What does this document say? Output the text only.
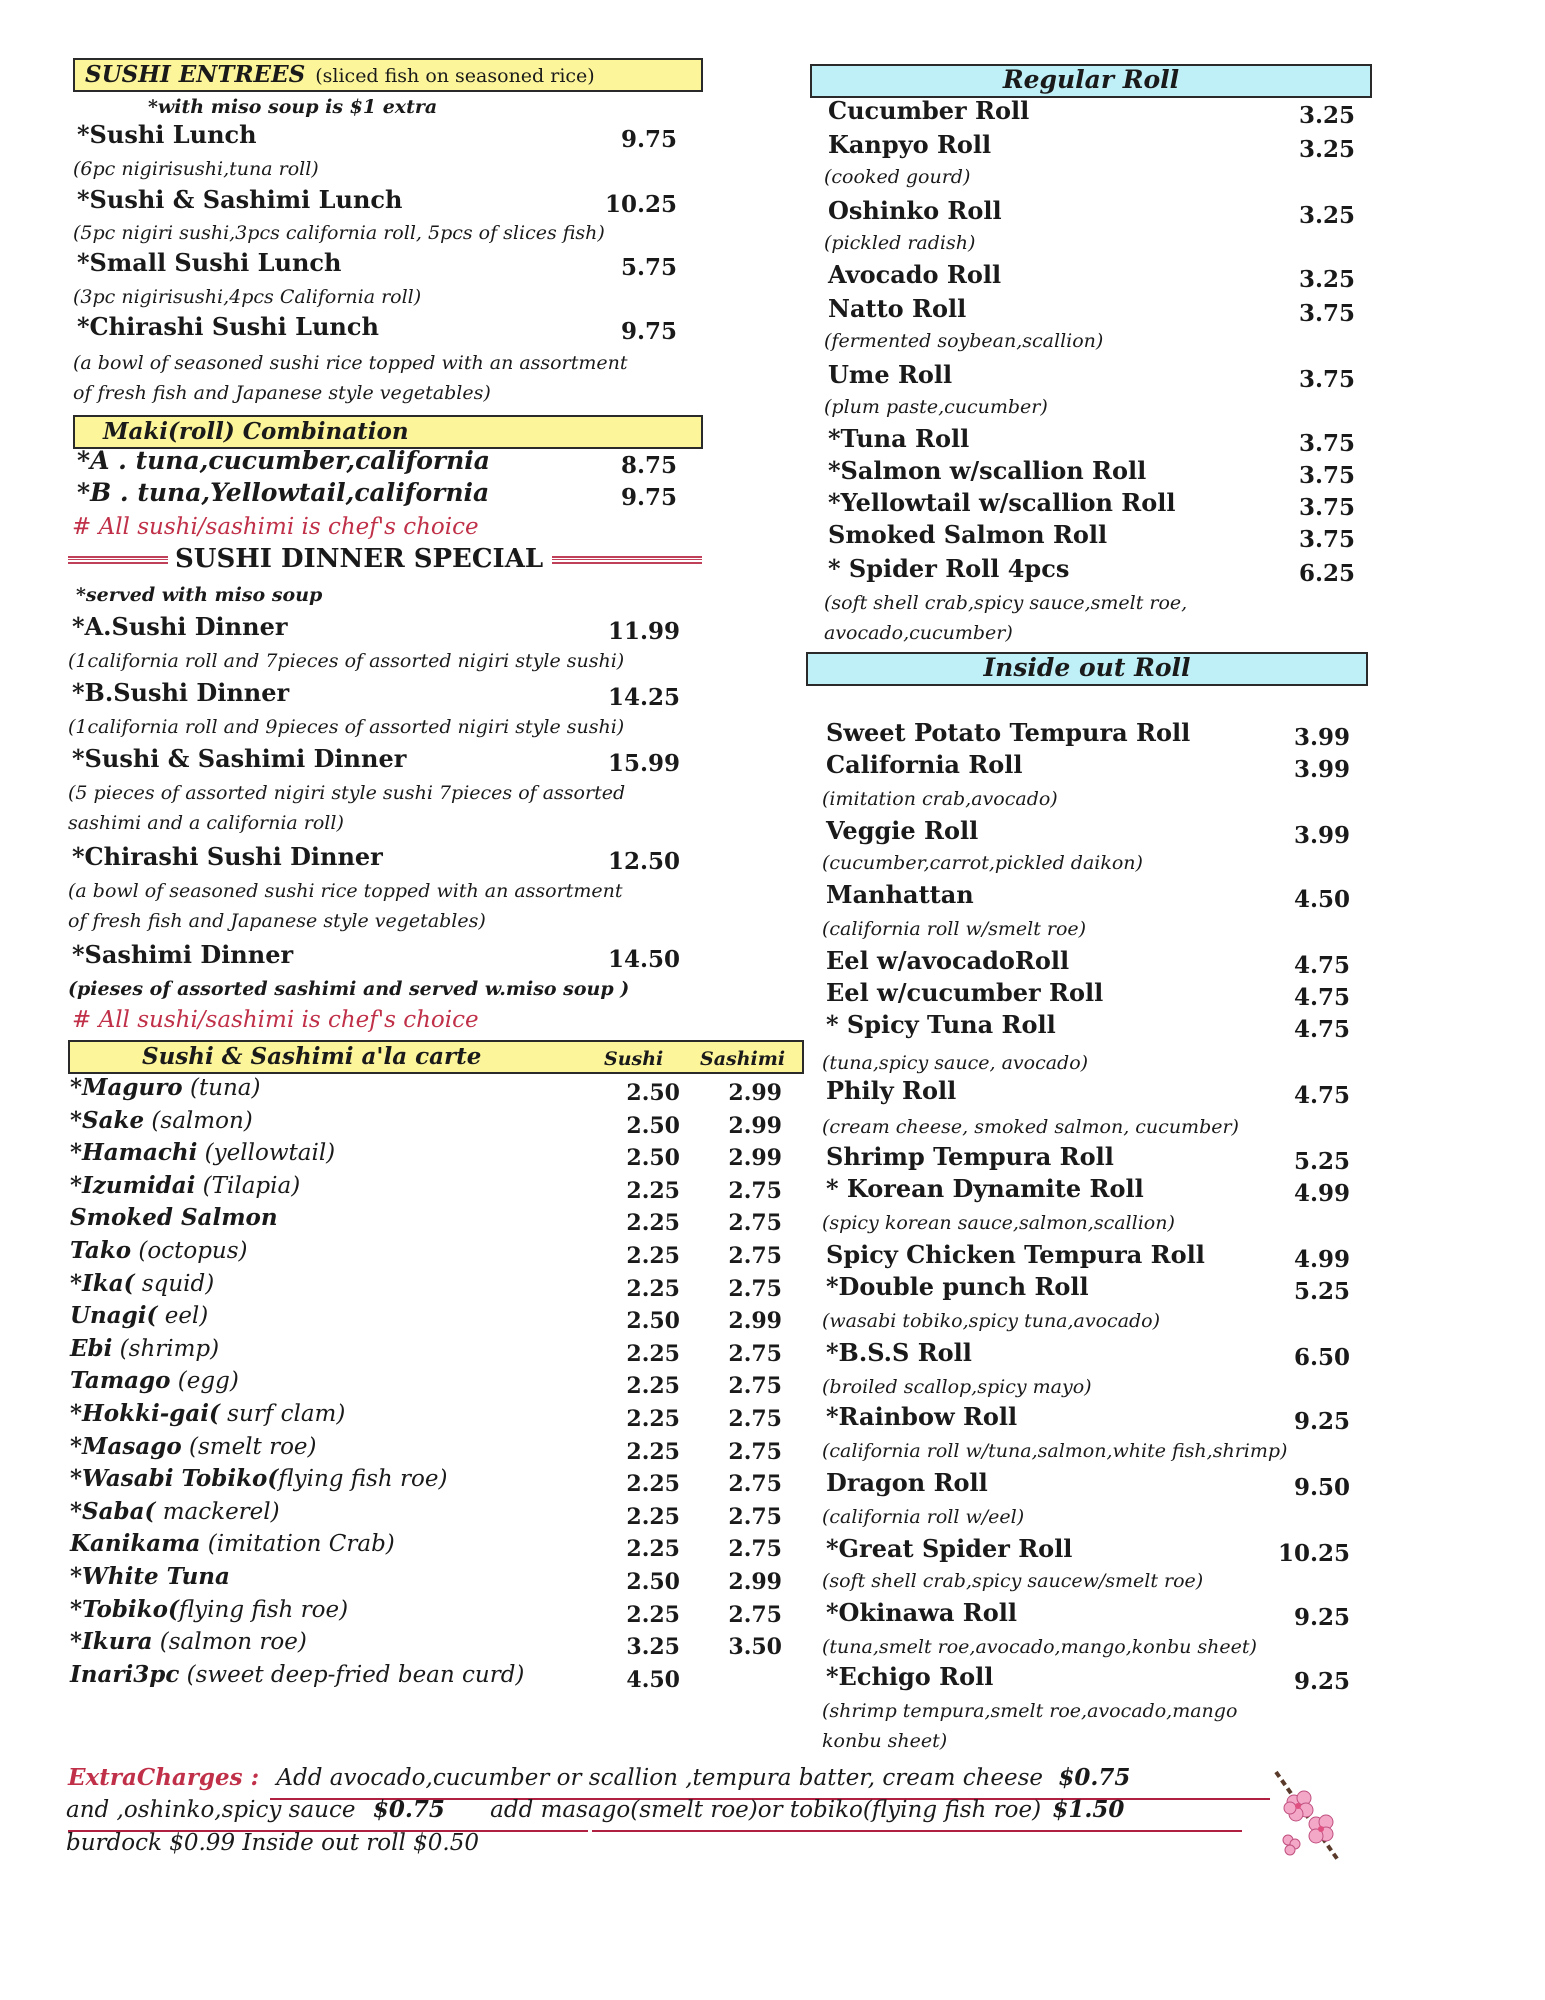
SUSHI ENTREES (sliced fish on seasoned rice)
*with miso soup is $1 extra
*Sushi Lunch	9.75
(6pc nigirisushi,tuna roll)
*Sushi & Sashimi Lunch	10.25
(5pc nigiri sushi,3pcs california roll, 5pcs of slices fish)
*Small Sushi Lunch	5.75
(3pc nigirisushi,4pcs California roll)
*Chirashi Sushi Lunch	9.75
(a bowl of seasoned sushi rice topped with an assortment
of fresh fish and Japanese style vegetables)
Maki(roll) Combination
*A . tuna,cucumber,california	8.75
*B . tuna,Yellowtail,california	9.75
# All sushi/sashimi is chef's choice
SUSHI DINNER SPECIAL
*served with miso soup
*A.Sushi Dinner	11.99
(1california roll and 7pieces of assorted nigiri style sushi)
*B.Sushi Dinner	14.25
(1california roll and 9pieces of assorted nigiri style sushi)
*Sushi & Sashimi Dinner	15.99
(5 pieces of assorted nigiri style sushi 7pieces of assorted
sashimi and a california roll)
*Chirashi Sushi Dinner	12.50
(a bowl of seasoned sushi rice topped with an assortment
of fresh fish and Japanese style vegetables)
*Sashimi Dinner	14.50
(pieses of assorted sashimi and served w.miso soup )
# All sushi/sashimi is chef's choice
Sushi & Sashimi a'la carte	Sushi Sashimi
*Maguro (tuna)	2.50	2.99
*Sake (salmon)	2.50	2.99
*Hamachi (yellowtail)	2.50	2.99
*Izumidai (Tilapia)	2.25	2.75
Smoked Salmon	2.25	2.75
Tako (octopus)	2.25	2.75
*Ika( squid)	2.25	2.75
Unagi( eel)	2.50	2.99
Ebi (shrimp)	2.25	2.75
Tamago (egg)	2.25	2.75
*Hokki-gai( surf clam)	2.25	2.75
*Masago (smelt roe)	2.25	2.75
*Wasabi Tobiko(flying fish roe)	2.25	2.75
*Saba( mackerel)	2.25	2.75
Kanikama (imitation Crab)	2.25	2.75
*White Tuna	2.50	2.99
*Tobiko(flying fish roe)	2.25	2.75
*Ikura (salmon roe)	3.25	3.50
Inari3pc (sweet deep-fried bean curd)	4.50
Regular Roll
Cucumber Roll	3.25
Kanpyo Roll	3.25
(cooked gourd)
Oshinko Roll	3.25
(pickled radish)
Avocado Roll	3.25
Natto Roll	3.75
(fermented soybean,scallion)
Ume Roll	3.75
(plum paste,cucumber)
*Tuna Roll	3.75
*Salmon w/scallion Roll	3.75
*Yellowtail w/scallion Roll	3.75
Smoked Salmon Roll	3.75
* Spider Roll 4pcs	6.25
(soft shell crab,spicy sauce,smelt roe,
avocado,cucumber)
Inside out Roll
Sweet Potato Tempura Roll	3.99
California Roll	3.99
(imitation crab,avocado)
Veggie Roll	3.99
(cucumber,carrot,pickled daikon)
Manhattan	4.50
(california roll w/smelt roe)
Eel w/avocadoRoll	4.75
Eel w/cucumber Roll	4.75
* Spicy Tuna Roll	4.75
(tuna,spicy sauce, avocado)
Phily Roll	4.75
(cream cheese, smoked salmon, cucumber)
Shrimp Tempura Roll	5.25
* Korean Dynamite Roll	4.99
(spicy korean sauce,salmon,scallion)
Spicy Chicken Tempura Roll	4.99
*Double punch Roll	5.25
(wasabi tobiko,spicy tuna,avocado)
*B.S.S Roll	6.50
(broiled scallop,spicy mayo)
*Rainbow Roll	9.25
(california roll w/tuna,salmon,white fish,shrimp)
Dragon Roll	9.50
(california roll w/eel)
*Great Spider Roll	10.25
(soft shell crab,spicy saucew/smelt roe)
*Okinawa Roll	9.25
(tuna,smelt roe,avocado,mango,konbu sheet)
*Echigo Roll	9.25
(shrimp tempura,smelt roe,avocado,mango
konbu sheet)
ExtraCharges : Add avocado,cucumber or scallion ,tempura batter, cream cheese $0.75
and ,oshinko,spicy sauce $0.75 add masago(smelt roe)or tobiko(flying fish roe) $1.50
burdock $0.99 Inside out roll $0.50
